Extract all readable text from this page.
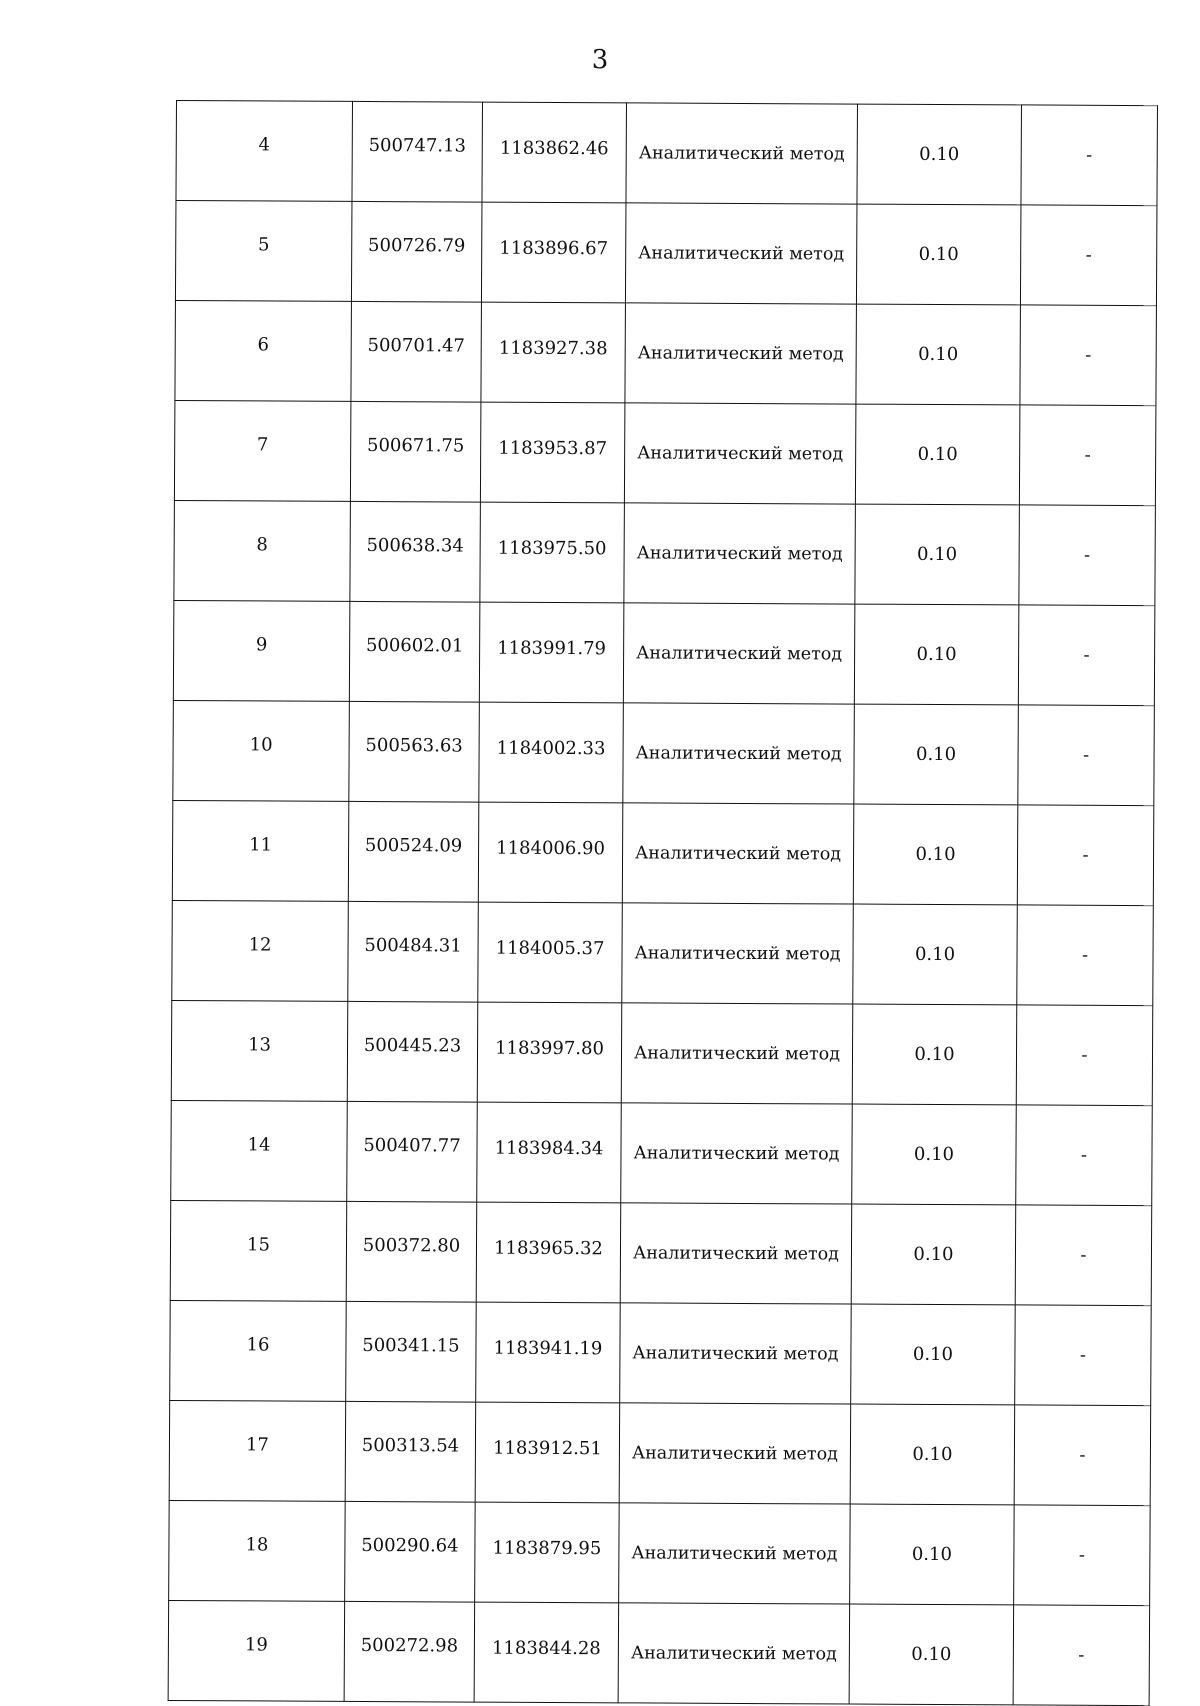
3
4	500747.13	1183862.46	Аналитический метод	0.10	-
5	500726.79	1183896.67	Аналитический метод	0.10	-
6	500701.47	1183927.38	Аналитический метод	0.10	-
7	500671.75	1183953.87	Аналитический метод	0.10	-
8	500638.34	1183975.50	Аналитический метод	0.10	-
9	500602.01	1183991.79	Аналитический метод	0.10	-
10	500563.63	1184002.33	Аналитический метод	0.10	-
11	500524.09	1184006.90	Аналитический метод	0.10	-
12	500484.31	1184005.37	Аналитический метод	0.10	-
13	500445.23	1183997.80	Аналитический метод	0.10	-
14	500407.77	1183984.34	Аналитический метод	0.10	-
15	500372.80	1183965.32	Аналитический метод	0.10	-
16	500341.15	1183941.19	Аналитический метод	0.10	-
17	500313.54	1183912.51	Аналитический метод	0.10	-
18	500290.64	1183879.95	Аналитический метод	0.10	-
19	500272.98	1183844.28	Аналитический метод	0.10	-
